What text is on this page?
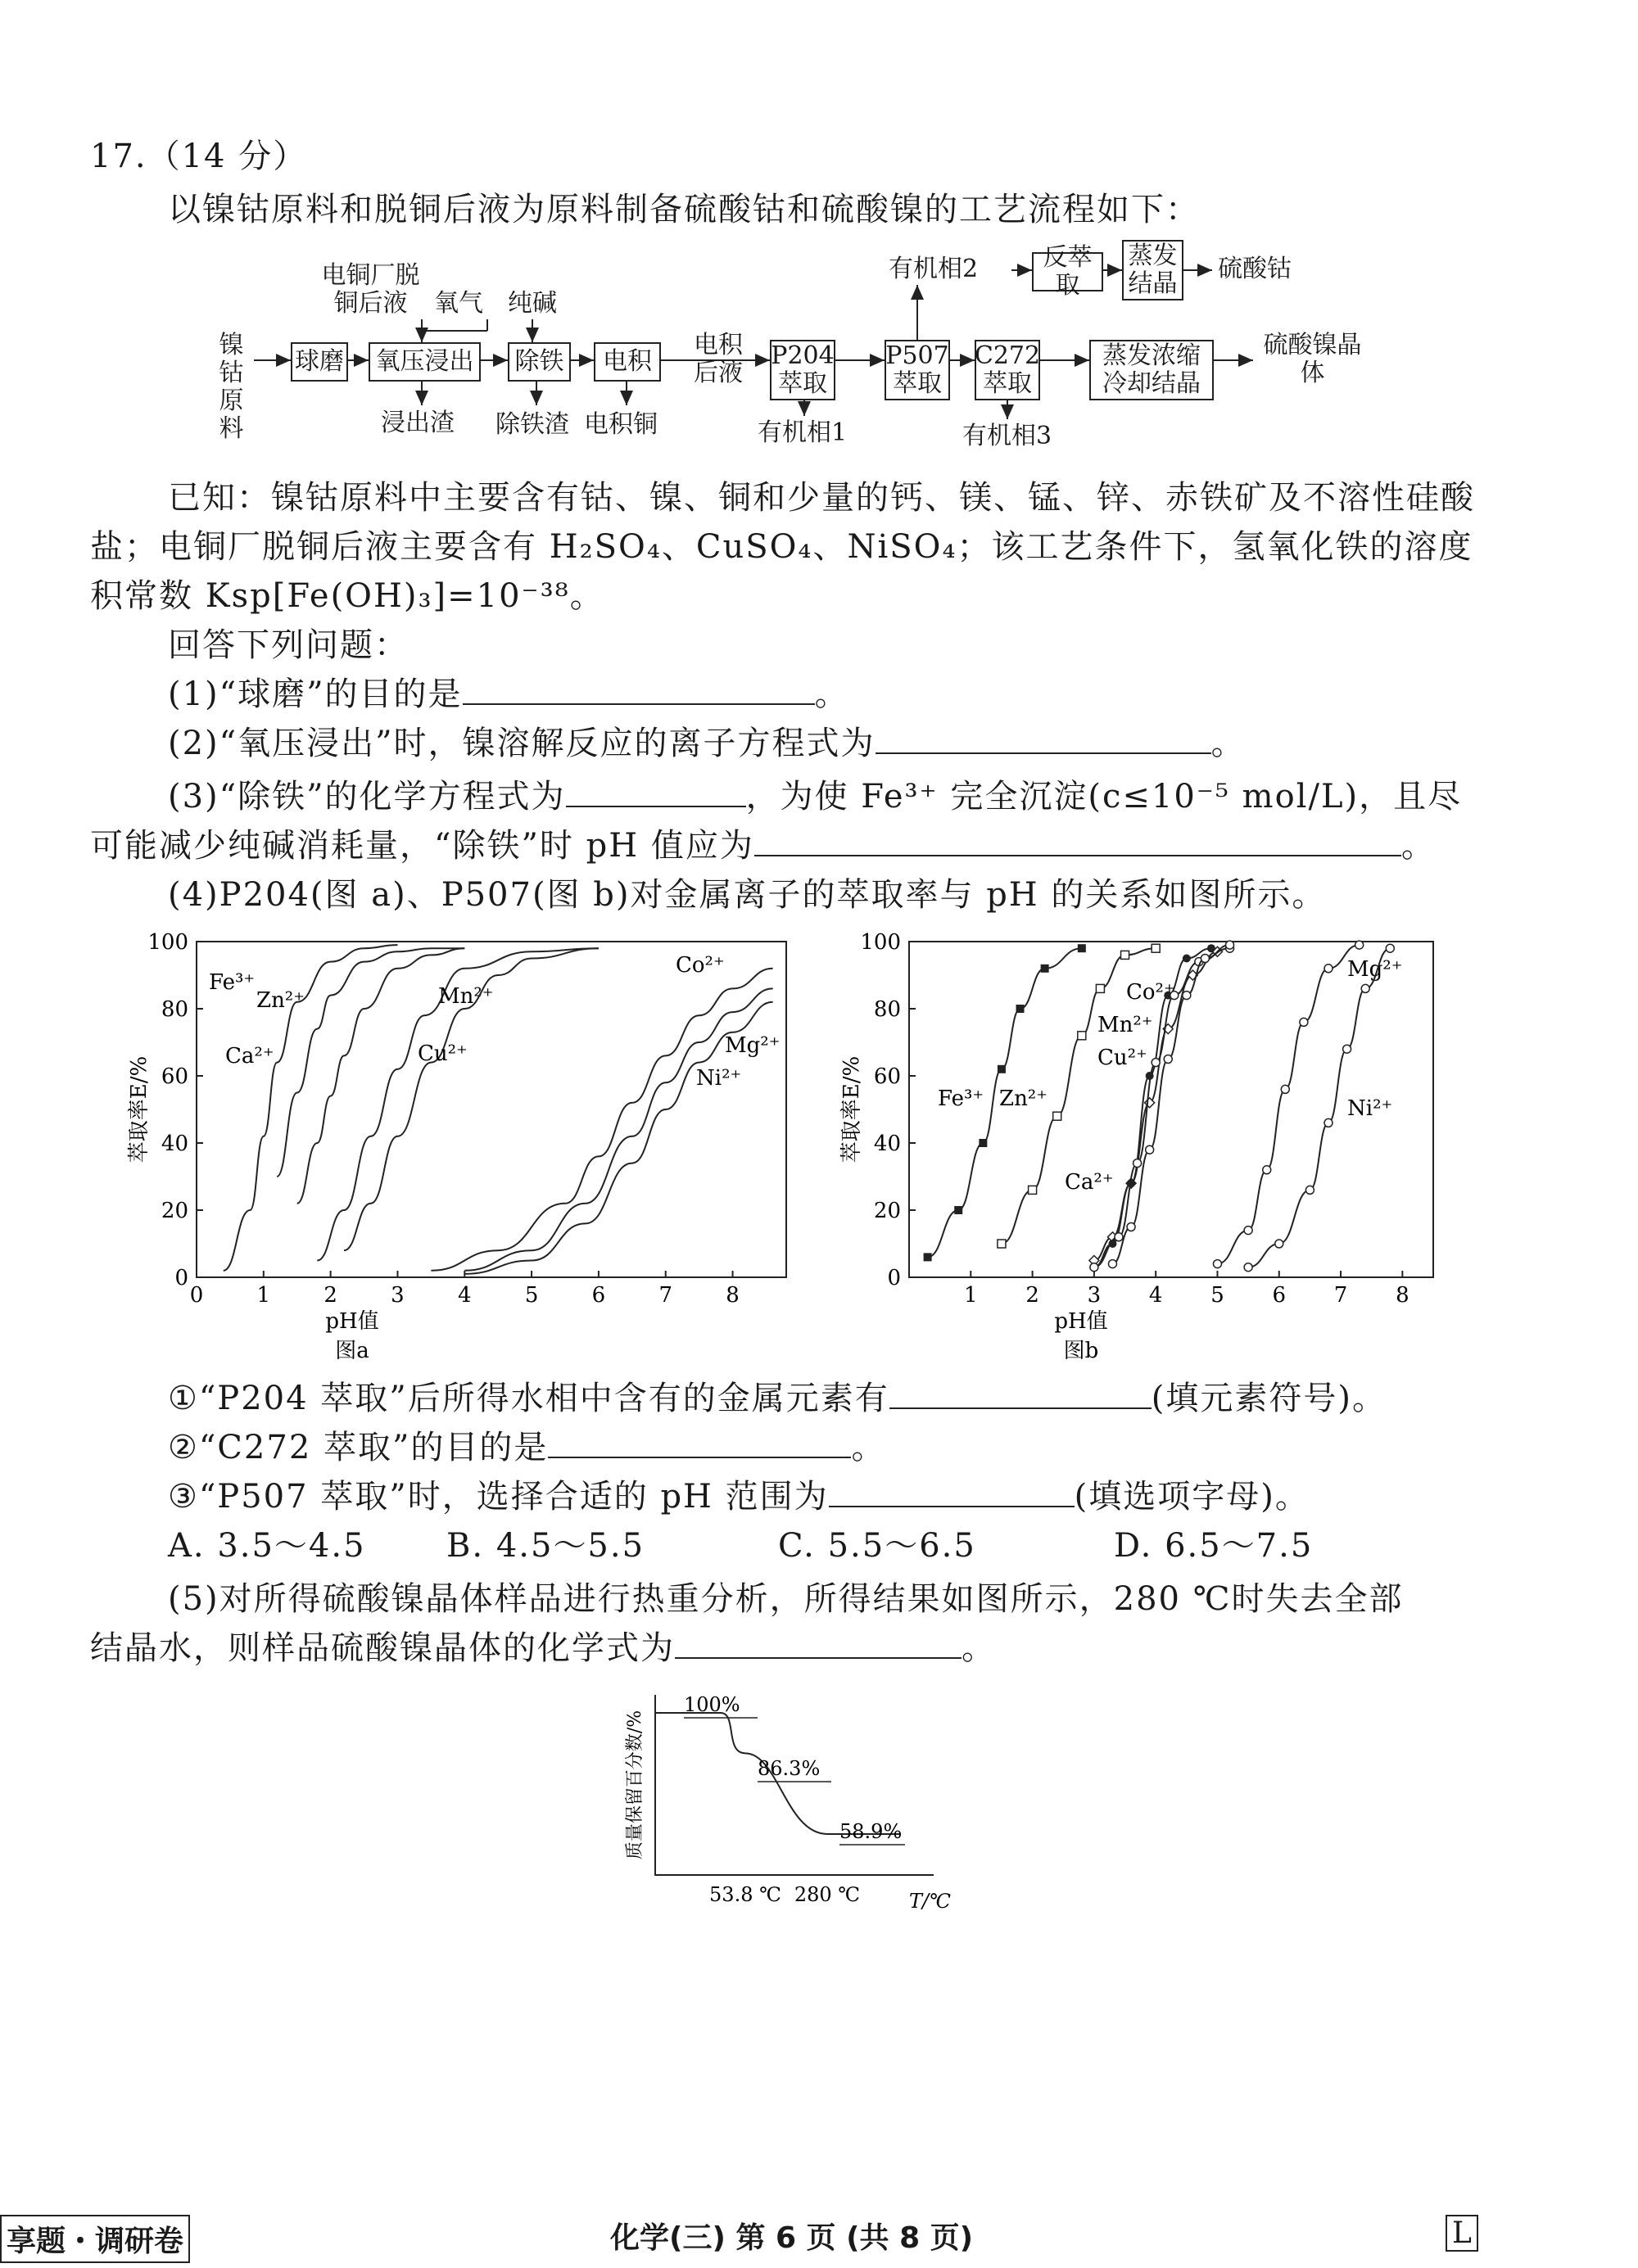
17.（14 分）
以镍钴原料和脱铜后液为原料制备硫酸钴和硫酸镍的工艺流程如下：
镍钴原料
球磨
电铜厂脱铜后液	氧气
氧压浸出
浸出渣
纯碱
除铁
除铁渣
电积
电积铜
电积后液
P204萃取
有机相1
P507萃取
有机相2	反萃取
蒸发结晶
硫酸钴
C272萃取
有机相3
蒸发浓缩冷却结晶
硫酸镍晶体
已知：镍钴原料中主要含有钴、镍、铜和少量的钙、镁、锰、锌、赤铁矿及不溶性硅酸
盐；电铜厂脱铜后液主要含有 H₂SO₄、CuSO₄、NiSO₄；该工艺条件下，氢氧化铁的溶度
积常数 Ksp[Fe(OH)₃]=10⁻³⁸。
回答下列问题：
(1)“球磨”的目的是	。
(2)“氧压浸出”时，镍溶解反应的离子方程式为	。
(3)“除铁”的化学方程式为	，为使 Fe³⁺ 完全沉淀(c≤10⁻⁵ mol/L)，且尽
可能减少纯碱消耗量，“除铁”时 pH 值应为	。
(4)P204(图 a)、P507(图 b)对金属离子的萃取率与 pH 的关系如图所示。
0	1	2	3	4	5	6	7	8
0
20
40
60
80
100
pH值
图a
萃取率E/%
Fe³⁺
Zn²⁺
Ca²⁺
Mn²⁺
Cu²⁺
Co²⁺
Mg²⁺
Ni²⁺
1 2 3 4 5 6 7 8
0
20
40
60
80
100
pH值
图b
萃取率E/%	Fe³⁺ Zn²⁺
Ca²⁺
Mn²⁺
Cu²⁺
Co²⁺
Mg²⁺
Ni²⁺
①“P204 萃取”后所得水相中含有的金属元素有	(填元素符号)。
②“C272 萃取”的目的是	。
③“P507 萃取”时，选择合适的 pH 范围为	(填选项字母)。
A. 3.5～4.5 B. 4.5～5.5	C. 5.5～6.5	D. 6.5～7.5
(5)对所得硫酸镍晶体样品进行热重分析，所得结果如图所示，280 ℃时失去全部
结晶水，则样品硫酸镍晶体的化学式为	。
100%
86.3%
58.9%
53.8 ℃ 280 ℃ T/℃
质量保留百分数/%
享题・调研卷	化学(三) 第 6 页 (共 8 页)	L
